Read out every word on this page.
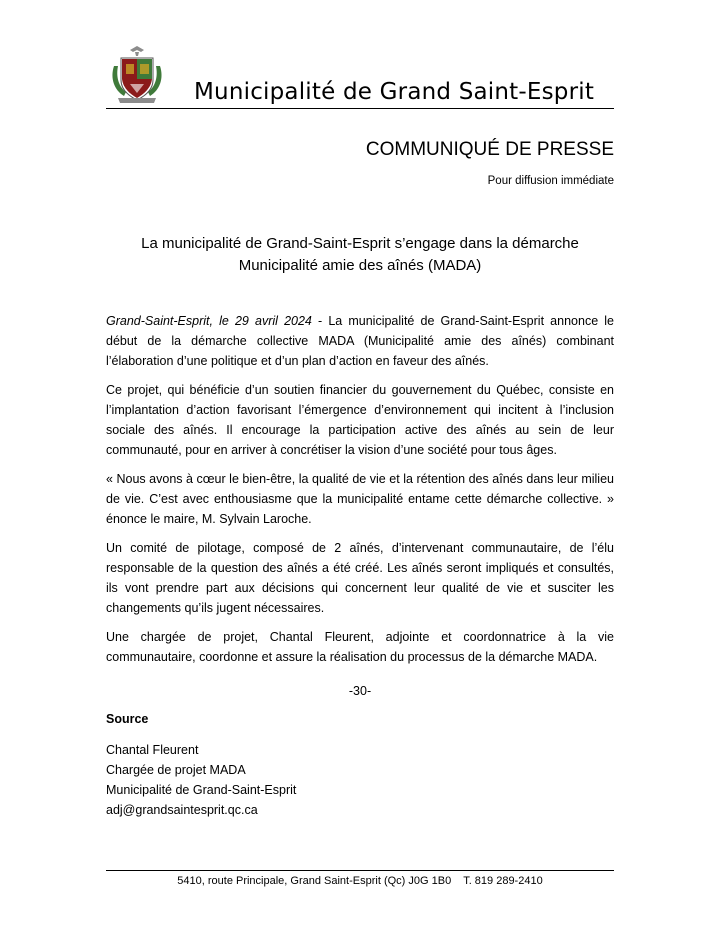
Municipalité de Grand Saint-Esprit
COMMUNIQUÉ DE PRESSE
Pour diffusion immédiate
La municipalité de Grand-Saint-Esprit s’engage dans la démarche
Municipalité amie des aînés (MADA)

Grand-Saint-Esprit, le 29 avril 2024 - La municipalité de Grand-Saint-Esprit annonce le début de la démarche collective MADA (Municipalité amie des aînés) combinant l’élaboration d’une politique et d’un plan d’action en faveur des aînés.

Ce projet, qui bénéficie d’un soutien financier du gouvernement du Québec, consiste en l’implantation d’action favorisant l’émergence d’environnement qui incitent à l’inclusion sociale des aînés. Il encourage la participation active des aînés au sein de leur communauté, pour en arriver à concrétiser la vision d’une société pour tous âges.

« Nous avons à cœur le bien-être, la qualité de vie et la rétention des aînés dans leur milieu de vie. C’est avec enthousiasme que la municipalité entame cette démarche collective. » énonce le maire, M. Sylvain Laroche.

Un comité de pilotage, composé de 2 aînés, d’intervenant communautaire, de l’élu responsable de la question des aînés a été créé. Les aînés seront impliqués et consultés, ils vont prendre part aux décisions qui concernent leur qualité de vie et susciter les changements qu’ils jugent nécessaires.

Une chargée de projet, Chantal Fleurent, adjointe et coordonnatrice à la vie communautaire, coordonne et assure la réalisation du processus de la démarche MADA.

-30-
Source
Chantal Fleurent
Chargée de projet MADA
Municipalité de Grand-Saint-Esprit
adj@grandsaintesprit.qc.ca
5410, route Principale, Grand Saint-Esprit (Qc) J0G 1B0 T. 819 289-2410
